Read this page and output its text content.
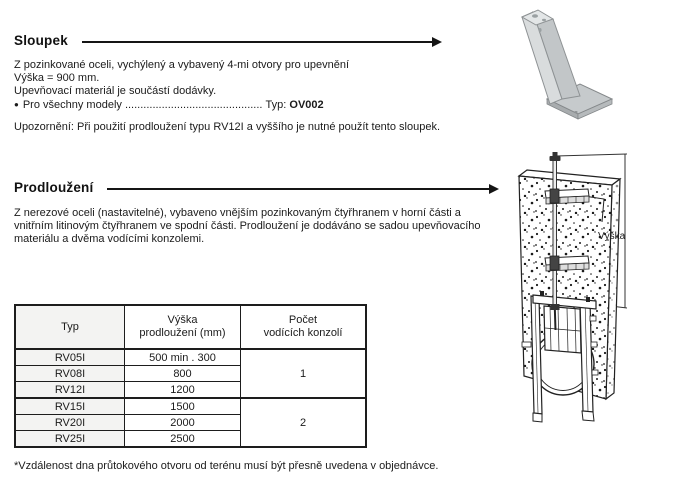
Sloupek
Z pozinkované oceli, vychýlený a vybavený 4-mi otvory pro upevnění
Výška = 900 mm.
Upevňovací materiál je součástí dodávky.
● Pro všechny modely ............................................. Typ: OV002
Upozornění: Při použití prodloužení typu RV12I a vyššího je nutné použít tento sloupek.
Prodloužení
Z nerezové oceli (nastavitelné), vybaveno vnějším pozinkovaným čtyřhranem v horní části a
vnitřním litinovým čtyřhranem ve spodní části. Prodloužení je dodáváno se sadou upevňovacího
materiálu a dvěma vodícími konzolemi.
Typ

Výška
prodloužení (mm)

Počet
vodících konzolí

RV05I	500 min . 300	1
RV08I	800	
RV12I	1200	
RV15I	1500	2
RV20I	2000	
RV25I	2500	
*Vzdálenost dna průtokového otvoru od terénu musí být přesně uvedena v objednávce.
Výška
